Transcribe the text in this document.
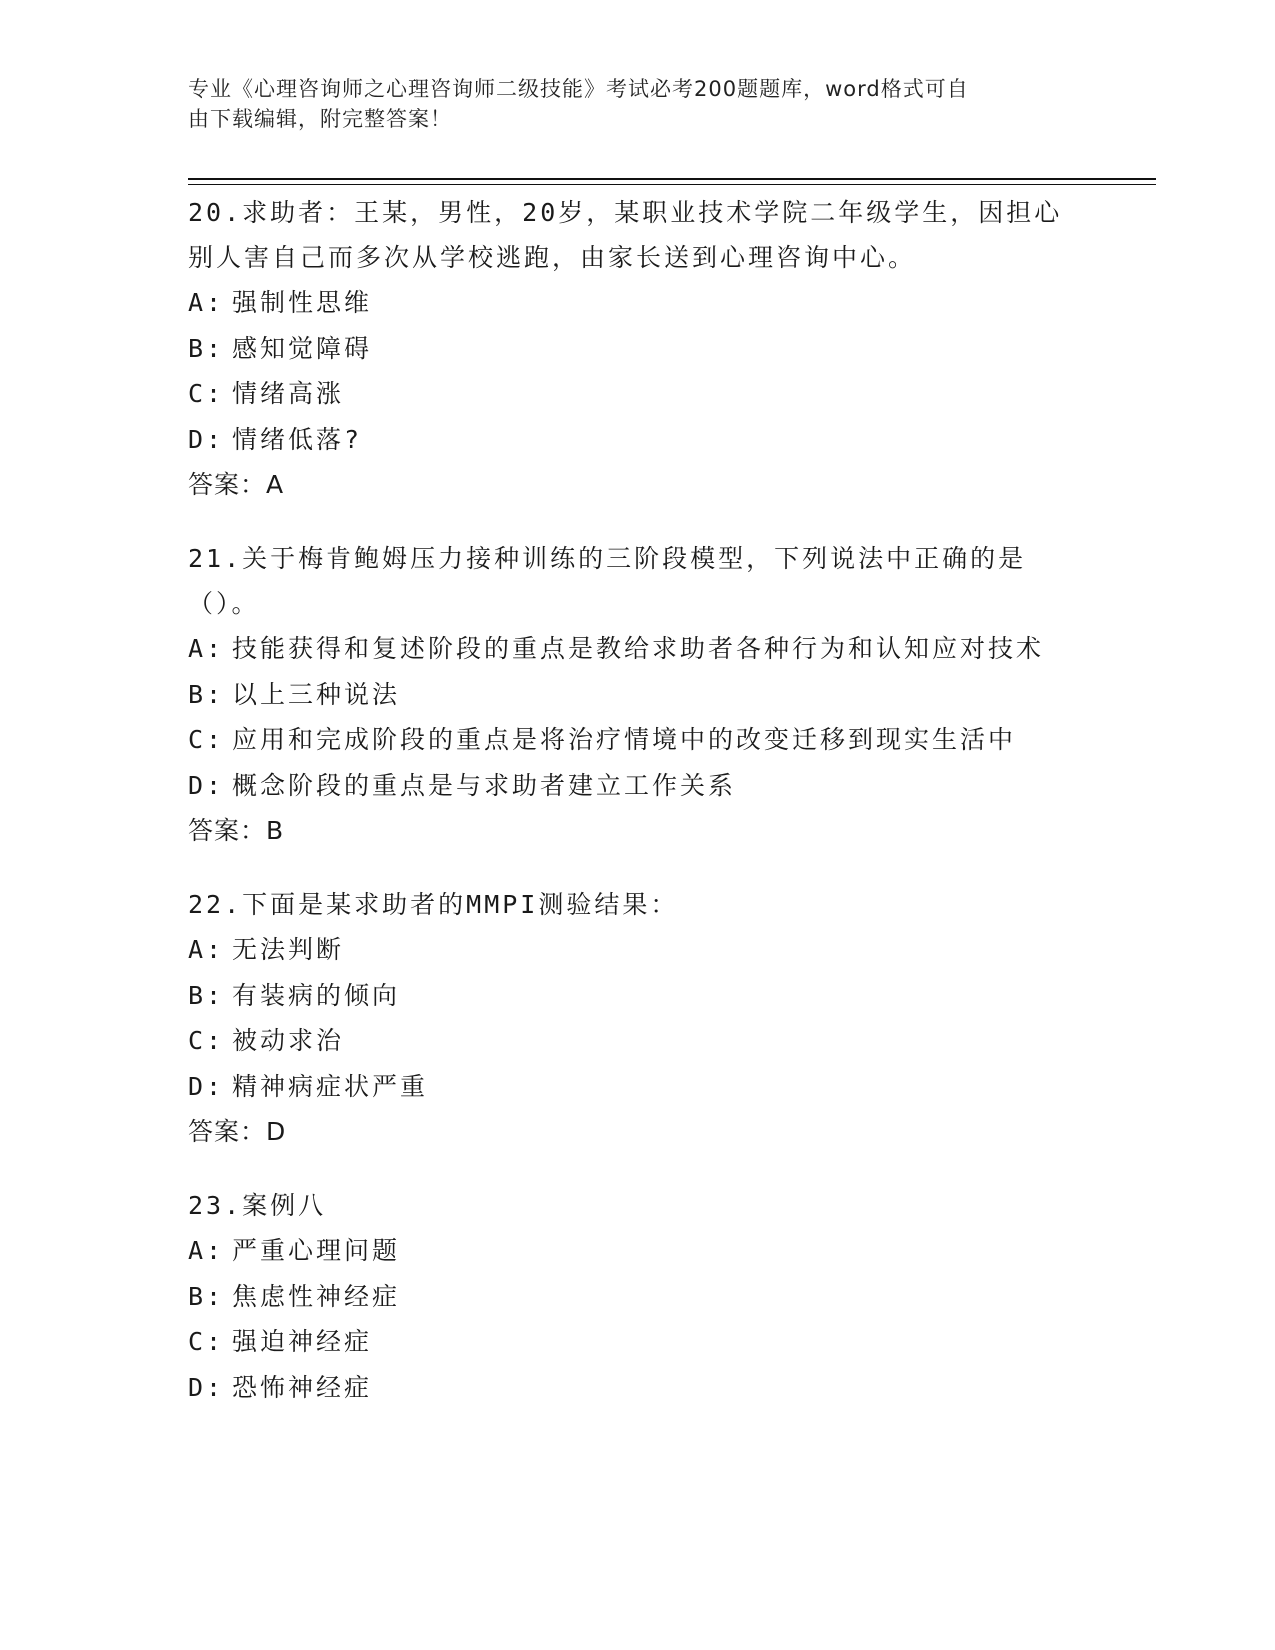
专业《心理咨询师之心理咨询师二级技能》考试必考200题题库，word格式可自
由下载编辑，附完整答案！

20.求助者：王某，男性，20岁，某职业技术学院二年级学生，因担心别人害自己而多次从学校逃跑，由家长送到心理咨询中心。

A: 强制性思维
B: 感知觉障碍
C: 情绪高涨
D: 情绪低落?
答案：A

21.关于梅肯鲍姆压力接种训练的三阶段模型，下列说法中正确的是（）。

A: 技能获得和复述阶段的重点是教给求助者各种行为和认知应对技术
B: 以上三种说法
C: 应用和完成阶段的重点是将治疗情境中的改变迁移到现实生活中
D: 概念阶段的重点是与求助者建立工作关系
答案：B

22.下面是某求助者的MMPI测验结果：

A: 无法判断
B: 有装病的倾向
C: 被动求治
D: 精神病症状严重
答案：D

23.案例八

A: 严重心理问题
B: 焦虑性神经症
C: 强迫神经症
D: 恐怖神经症
